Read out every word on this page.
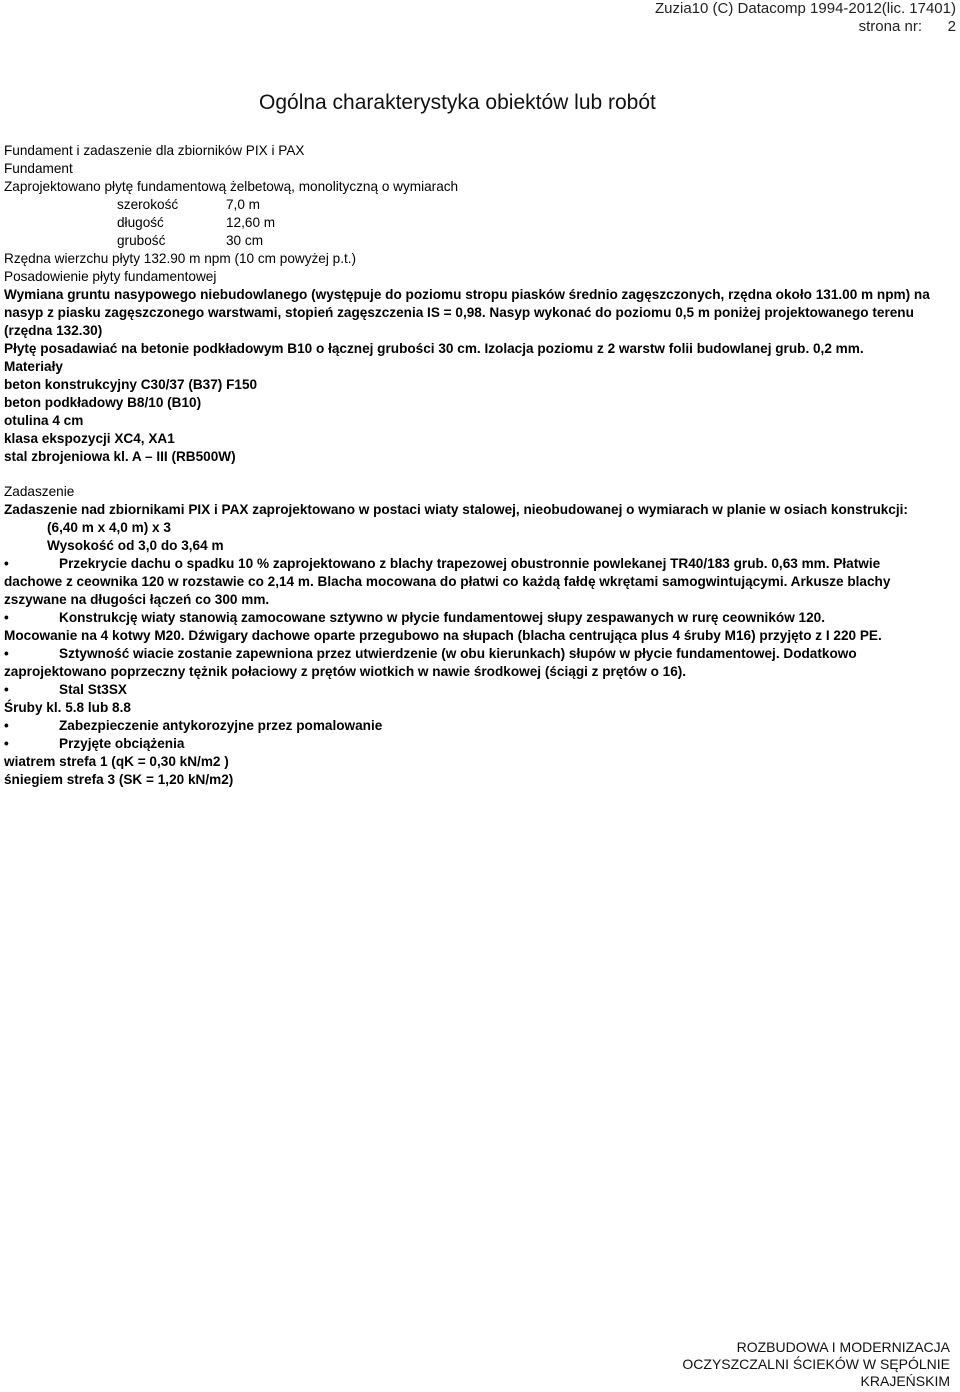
Zuzia10 (C) Datacomp 1994-2012(lic. 17401)
strona nr: 2
Ogólna charakterystyka obiektów lub robót

Fundament i zadaszenie dla zbiorników PIX i PAX

Fundament

Zaprojektowano płytę fundamentową żelbetową, monolityczną o wymiarach

szerokość	7,0 m
długość	12,60 m
grubość	30 cm

Rzędna wierzchu płyty 132.90 m npm (10 cm powyżej p.t.)

Posadowienie płyty fundamentowej

Wymiana gruntu nasypowego niebudowlanego (występuje do poziomu stropu piasków średnio zagęszczonych, rzędna około 131.00 m npm) na nasyp z piasku zagęszczonego warstwami, stopień zagęszczenia IS = 0,98. Nasyp wykonać do poziomu 0,5 m poniżej projektowanego terenu (rzędna 132.30)

Płytę posadawiać na betonie podkładowym B10 o łącznej grubości 30 cm. Izolacja poziomu z 2 warstw folii budowlanej grub. 0,2 mm.

Materiały

beton konstrukcyjny C30/37 (B37) F150

beton podkładowy B8/10 (B10)

otulina 4 cm

klasa ekspozycji XC4, XA1

stal zbrojeniowa kl. A – III (RB500W)

Zadaszenie

Zadaszenie nad zbiornikami PIX i PAX zaprojektowano w postaci wiaty stalowej, nieobudowanej o wymiarach w planie w osiach konstrukcji:

(6,40 m x 4,0 m) x 3

Wysokość od 3,0 do 3,64 m

•	Przekrycie dachu o spadku 10 % zaprojektowano z blachy trapezowej obustronnie powlekanej TR40/183 grub. 0,63 mm. Płatwie
dachowe z ceownika 120 w rozstawie co 2,14 m. Blacha mocowana do płatwi co każdą fałdę wkrętami samogwintującymi. Arkusze blachy zszywane na długości łączeń co 300 mm.
•	Konstrukcję wiaty stanowią zamocowane sztywno w płycie fundamentowej słupy zespawanych w rurę ceowników 120.
Mocowanie na 4 kotwy M20. Dźwigary dachowe oparte przegubowo na słupach (blacha centrująca plus 4 śruby M16) przyjęto z I 220 PE.
•	Sztywność wiacie zostanie zapewniona przez utwierdzenie (w obu kierunkach) słupów w płycie fundamentowej. Dodatkowo
zaprojektowano poprzeczny tężnik połaciowy z prętów wiotkich w nawie środkowej (ściągi z prętów o 16).
•	Stal St3SX
Śruby kl. 5.8 lub 8.8
•	Zabezpieczenie antykorozyjne przez pomalowanie
•	Przyjęte obciążenia
wiatrem strefa 1 (qK = 0,30 kN/m2 )

śniegiem strefa 3 (SK = 1,20 kN/m2)

ROZBUDOWA I MODERNIZACJA
OCZYSZCZALNI ŚCIEKÓW W SĘPÓLNIE
KRAJEŃSKIM
